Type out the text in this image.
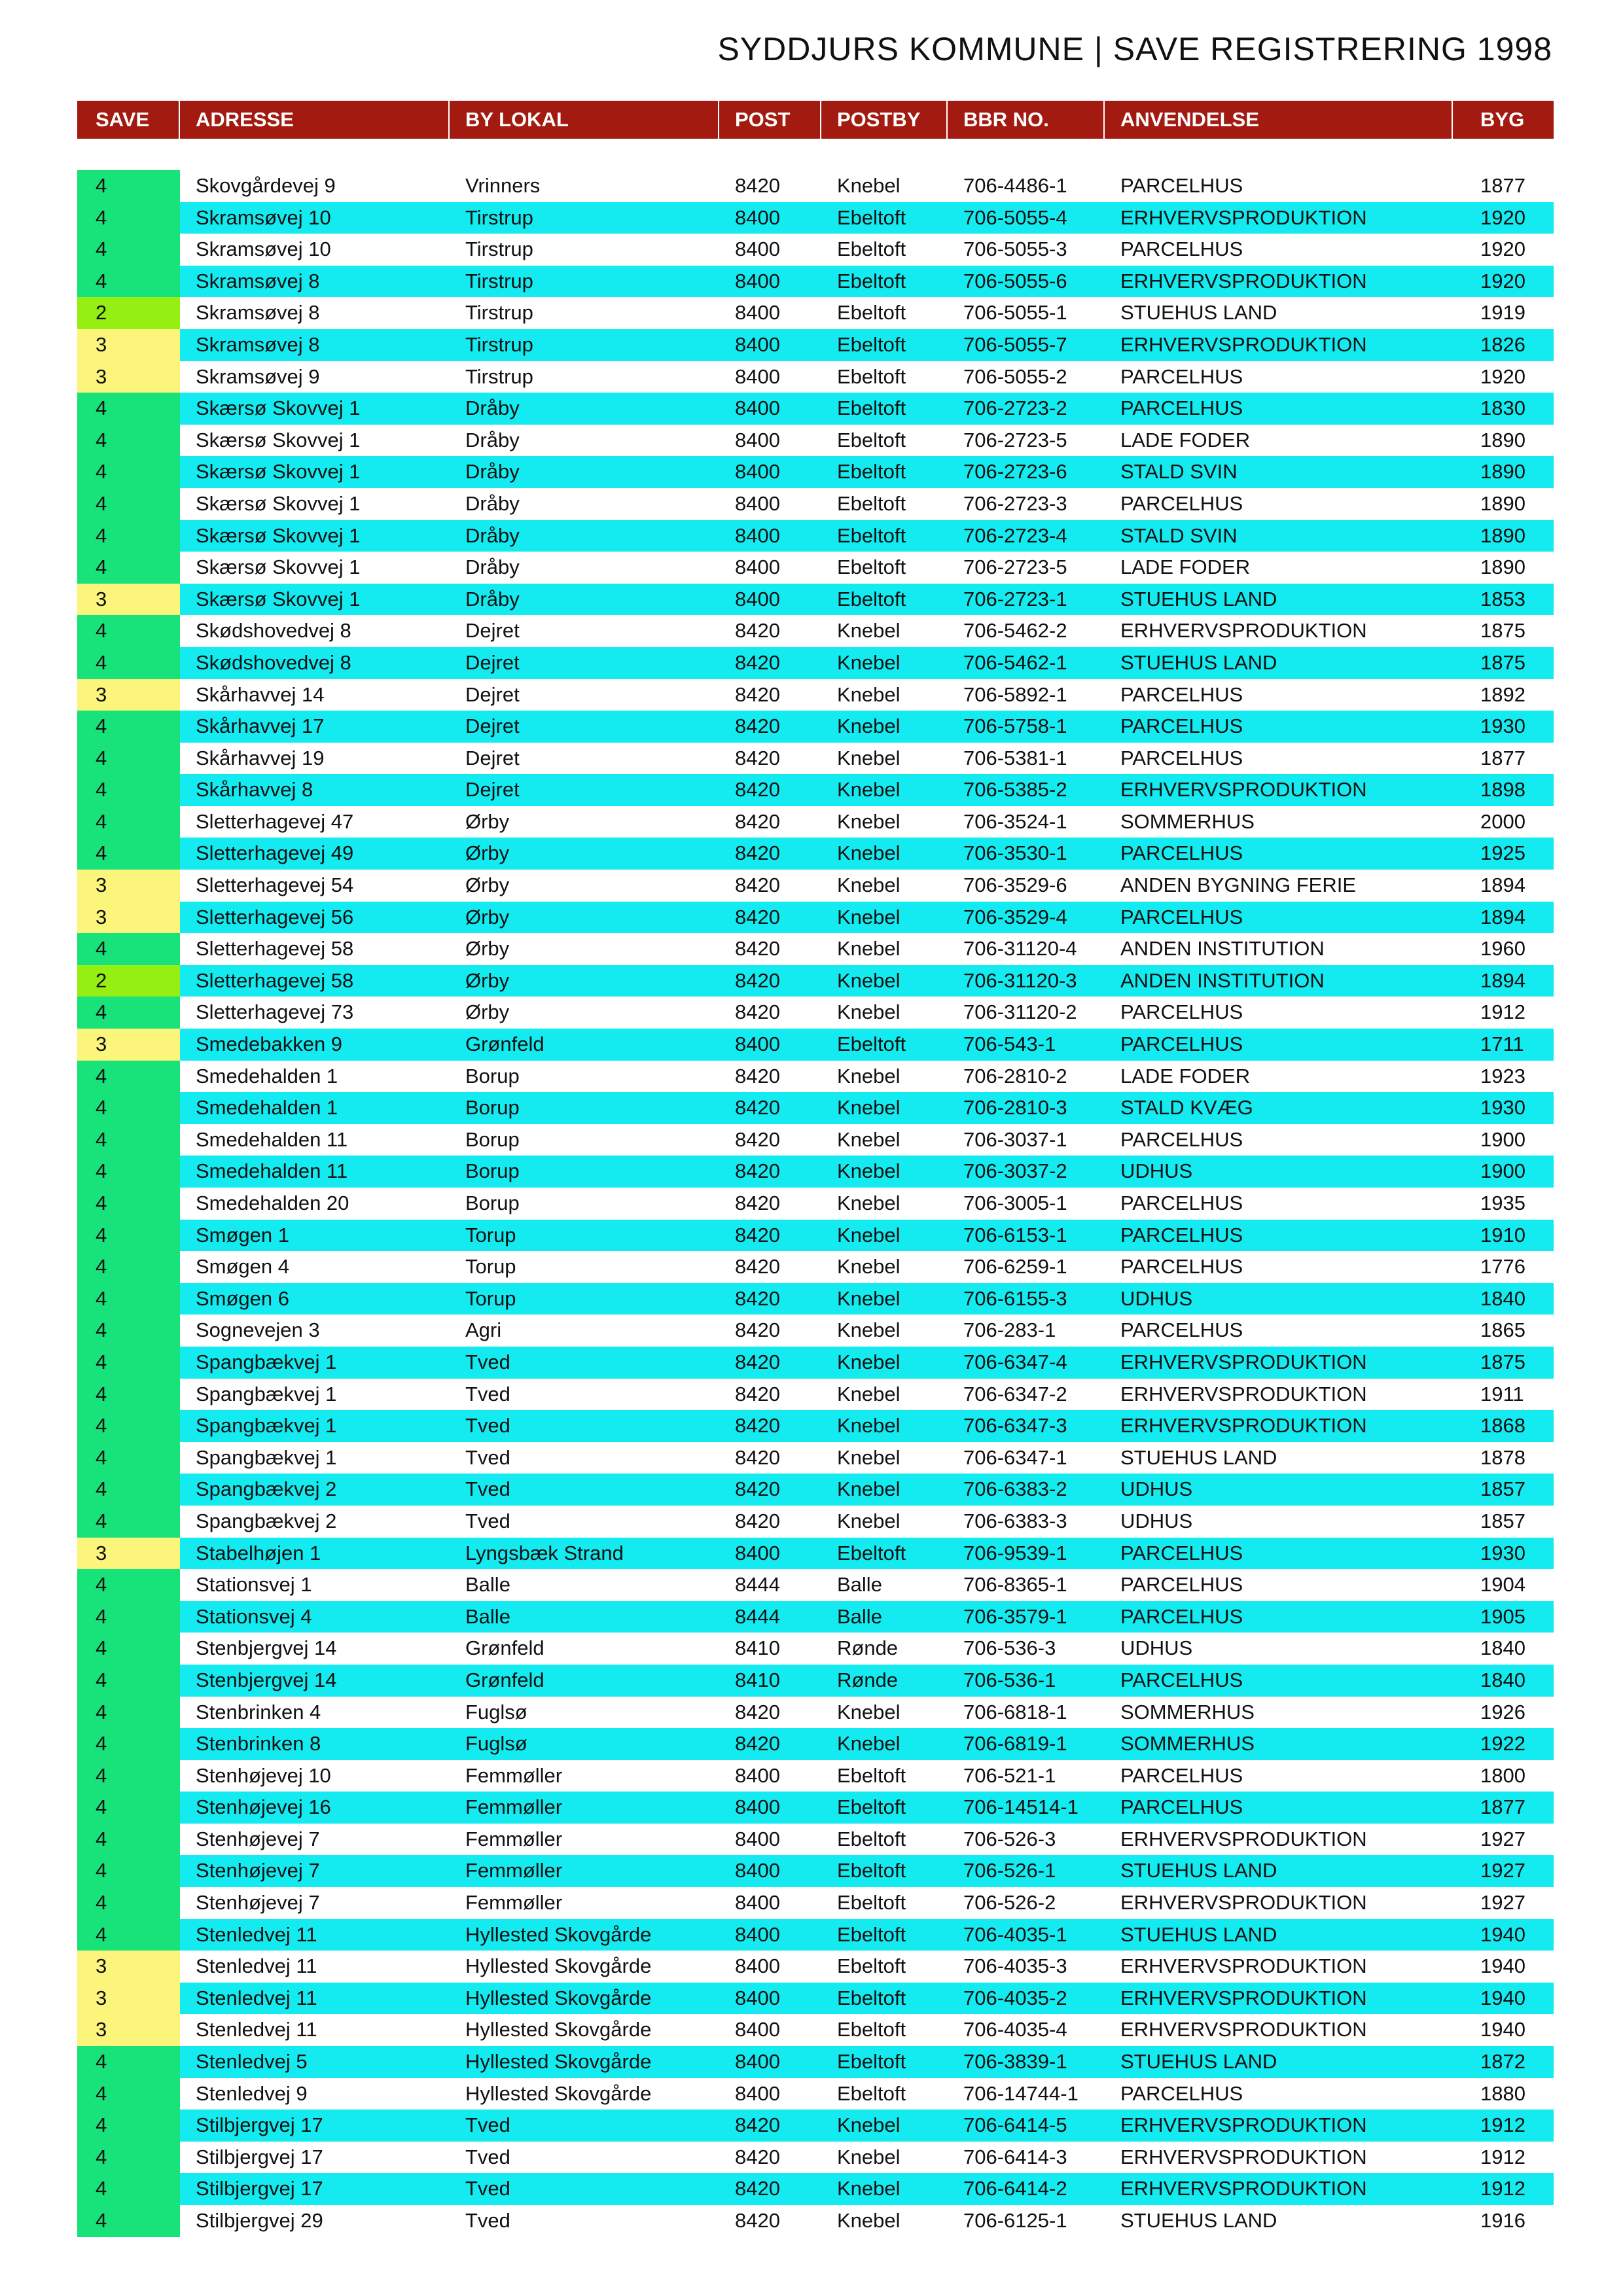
SYDDJURS KOMMUNE | SAVE REGISTRERING 1998
SAVE	ADRESSE	BY LOKAL	POST	POSTBY	BBR NO.	ANVENDELSE	BYG
4	Skovgårdevej 9	Vrinners	8420	Knebel	706-4486-1	PARCELHUS	1877
4	Skramsøvej 10	Tirstrup	8400	Ebeltoft	706-5055-4	ERHVERVSPRODUKTION	1920
4	Skramsøvej 10	Tirstrup	8400	Ebeltoft	706-5055-3	PARCELHUS	1920
4	Skramsøvej 8	Tirstrup	8400	Ebeltoft	706-5055-6	ERHVERVSPRODUKTION	1920
2	Skramsøvej 8	Tirstrup	8400	Ebeltoft	706-5055-1	STUEHUS LAND	1919
3	Skramsøvej 8	Tirstrup	8400	Ebeltoft	706-5055-7	ERHVERVSPRODUKTION	1826
3	Skramsøvej 9	Tirstrup	8400	Ebeltoft	706-5055-2	PARCELHUS	1920
4	Skærsø Skovvej 1	Dråby	8400	Ebeltoft	706-2723-2	PARCELHUS	1830
4	Skærsø Skovvej 1	Dråby	8400	Ebeltoft	706-2723-5	LADE FODER	1890
4	Skærsø Skovvej 1	Dråby	8400	Ebeltoft	706-2723-6	STALD SVIN	1890
4	Skærsø Skovvej 1	Dråby	8400	Ebeltoft	706-2723-3	PARCELHUS	1890
4	Skærsø Skovvej 1	Dråby	8400	Ebeltoft	706-2723-4	STALD SVIN	1890
4	Skærsø Skovvej 1	Dråby	8400	Ebeltoft	706-2723-5	LADE FODER	1890
3	Skærsø Skovvej 1	Dråby	8400	Ebeltoft	706-2723-1	STUEHUS LAND	1853
4	Skødshovedvej 8	Dejret	8420	Knebel	706-5462-2	ERHVERVSPRODUKTION	1875
4	Skødshovedvej 8	Dejret	8420	Knebel	706-5462-1	STUEHUS LAND	1875
3	Skårhavvej 14	Dejret	8420	Knebel	706-5892-1	PARCELHUS	1892
4	Skårhavvej 17	Dejret	8420	Knebel	706-5758-1	PARCELHUS	1930
4	Skårhavvej 19	Dejret	8420	Knebel	706-5381-1	PARCELHUS	1877
4	Skårhavvej 8	Dejret	8420	Knebel	706-5385-2	ERHVERVSPRODUKTION	1898
4	Sletterhagevej 47	Ørby	8420	Knebel	706-3524-1	SOMMERHUS	2000
4	Sletterhagevej 49	Ørby	8420	Knebel	706-3530-1	PARCELHUS	1925
3	Sletterhagevej 54	Ørby	8420	Knebel	706-3529-6	ANDEN BYGNING FERIE	1894
3	Sletterhagevej 56	Ørby	8420	Knebel	706-3529-4	PARCELHUS	1894
4	Sletterhagevej 58	Ørby	8420	Knebel	706-31120-4	ANDEN INSTITUTION	1960
2	Sletterhagevej 58	Ørby	8420	Knebel	706-31120-3	ANDEN INSTITUTION	1894
4	Sletterhagevej 73	Ørby	8420	Knebel	706-31120-2	PARCELHUS	1912
3	Smedebakken 9	Grønfeld	8400	Ebeltoft	706-543-1	PARCELHUS	1711
4	Smedehalden 1	Borup	8420	Knebel	706-2810-2	LADE FODER	1923
4	Smedehalden 1	Borup	8420	Knebel	706-2810-3	STALD KVÆG	1930
4	Smedehalden 11	Borup	8420	Knebel	706-3037-1	PARCELHUS	1900
4	Smedehalden 11	Borup	8420	Knebel	706-3037-2	UDHUS	1900
4	Smedehalden 20	Borup	8420	Knebel	706-3005-1	PARCELHUS	1935
4	Smøgen 1	Torup	8420	Knebel	706-6153-1	PARCELHUS	1910
4	Smøgen 4	Torup	8420	Knebel	706-6259-1	PARCELHUS	1776
4	Smøgen 6	Torup	8420	Knebel	706-6155-3	UDHUS	1840
4	Sognevejen 3	Agri	8420	Knebel	706-283-1	PARCELHUS	1865
4	Spangbækvej 1	Tved	8420	Knebel	706-6347-4	ERHVERVSPRODUKTION	1875
4	Spangbækvej 1	Tved	8420	Knebel	706-6347-2	ERHVERVSPRODUKTION	1911
4	Spangbækvej 1	Tved	8420	Knebel	706-6347-3	ERHVERVSPRODUKTION	1868
4	Spangbækvej 1	Tved	8420	Knebel	706-6347-1	STUEHUS LAND	1878
4	Spangbækvej 2	Tved	8420	Knebel	706-6383-2	UDHUS	1857
4	Spangbækvej 2	Tved	8420	Knebel	706-6383-3	UDHUS	1857
3	Stabelhøjen 1	Lyngsbæk Strand	8400	Ebeltoft	706-9539-1	PARCELHUS	1930
4	Stationsvej 1	Balle	8444	Balle	706-8365-1	PARCELHUS	1904
4	Stationsvej 4	Balle	8444	Balle	706-3579-1	PARCELHUS	1905
4	Stenbjergvej 14	Grønfeld	8410	Rønde	706-536-3	UDHUS	1840
4	Stenbjergvej 14	Grønfeld	8410	Rønde	706-536-1	PARCELHUS	1840
4	Stenbrinken 4	Fuglsø	8420	Knebel	706-6818-1	SOMMERHUS	1926
4	Stenbrinken 8	Fuglsø	8420	Knebel	706-6819-1	SOMMERHUS	1922
4	Stenhøjevej 10	Femmøller	8400	Ebeltoft	706-521-1	PARCELHUS	1800
4	Stenhøjevej 16	Femmøller	8400	Ebeltoft	706-14514-1	PARCELHUS	1877
4	Stenhøjevej 7	Femmøller	8400	Ebeltoft	706-526-3	ERHVERVSPRODUKTION	1927
4	Stenhøjevej 7	Femmøller	8400	Ebeltoft	706-526-1	STUEHUS LAND	1927
4	Stenhøjevej 7	Femmøller	8400	Ebeltoft	706-526-2	ERHVERVSPRODUKTION	1927
4	Stenledvej 11	Hyllested Skovgårde	8400	Ebeltoft	706-4035-1	STUEHUS LAND	1940
3	Stenledvej 11	Hyllested Skovgårde	8400	Ebeltoft	706-4035-3	ERHVERVSPRODUKTION	1940
3	Stenledvej 11	Hyllested Skovgårde	8400	Ebeltoft	706-4035-2	ERHVERVSPRODUKTION	1940
3	Stenledvej 11	Hyllested Skovgårde	8400	Ebeltoft	706-4035-4	ERHVERVSPRODUKTION	1940
4	Stenledvej 5	Hyllested Skovgårde	8400	Ebeltoft	706-3839-1	STUEHUS LAND	1872
4	Stenledvej 9	Hyllested Skovgårde	8400	Ebeltoft	706-14744-1	PARCELHUS	1880
4	Stilbjergvej 17	Tved	8420	Knebel	706-6414-5	ERHVERVSPRODUKTION	1912
4	Stilbjergvej 17	Tved	8420	Knebel	706-6414-3	ERHVERVSPRODUKTION	1912
4	Stilbjergvej 17	Tved	8420	Knebel	706-6414-2	ERHVERVSPRODUKTION	1912
4	Stilbjergvej 29	Tved	8420	Knebel	706-6125-1	STUEHUS LAND	1916
